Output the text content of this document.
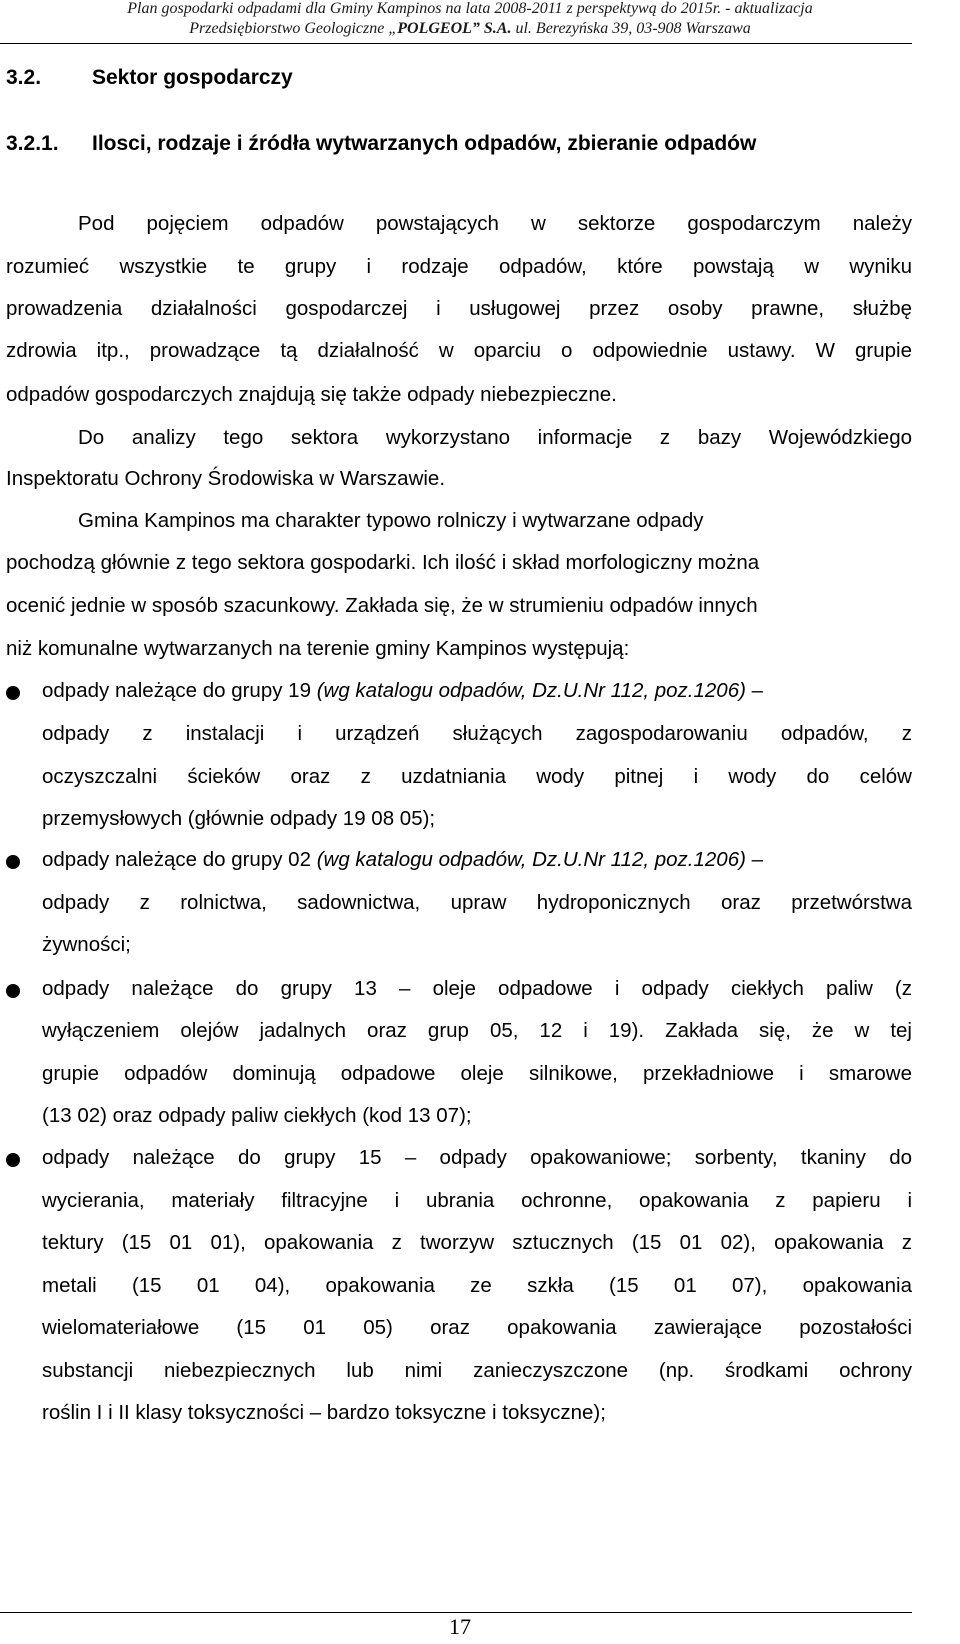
Plan gospodarki odpadami dla Gminy Kampinos na lata 2008-2011 z perspektywą do 2015r. - aktualizacja
Przedsiębiorstwo Geologiczne „POLGEOL” S.A. ul. Berezyńska 39, 03-908 Warszawa
3.2. Sektor gospodarczy
3.2.1. Ilosci, rodzaje i źródła wytwarzanych odpadów, zbieranie odpadów
Pod pojęciem odpadów powstających w sektorze gospodarczym należy
rozumieć wszystkie te grupy i rodzaje odpadów, które powstają w wyniku
prowadzenia działalności gospodarczej i usługowej przez osoby prawne, służbę
zdrowia itp., prowadzące tą działalność w oparciu o odpowiednie ustawy. W grupie
odpadów gospodarczych znajdują się także odpady niebezpieczne.
Do analizy tego sektora wykorzystano informacje z bazy Wojewódzkiego
Inspektoratu Ochrony Środowiska w Warszawie.
Gmina Kampinos ma charakter typowo rolniczy i wytwarzane odpady
pochodzą głównie z tego sektora gospodarki. Ich ilość i skład morfologiczny można
ocenić jednie w sposób szacunkowy. Zakłada się, że w strumieniu odpadów innych
niż komunalne wytwarzanych na terenie gminy Kampinos występują:
odpady należące do grupy 19 (wg katalogu odpadów, Dz.U.Nr 112, poz.1206) –
odpady z instalacji i urządzeń służących zagospodarowaniu odpadów, z
oczyszczalni ścieków oraz z uzdatniania wody pitnej i wody do celów
przemysłowych (głównie odpady 19 08 05);
odpady należące do grupy 02 (wg katalogu odpadów, Dz.U.Nr 112, poz.1206) –
odpady z rolnictwa, sadownictwa, upraw hydroponicznych oraz przetwórstwa
żywności;
odpady należące do grupy 13 – oleje odpadowe i odpady ciekłych paliw (z
wyłączeniem olejów jadalnych oraz grup 05, 12 i 19). Zakłada się, że w tej
grupie odpadów dominują odpadowe oleje silnikowe, przekładniowe i smarowe
(13 02) oraz odpady paliw ciekłych (kod 13 07);
odpady należące do grupy 15 – odpady opakowaniowe; sorbenty, tkaniny do
wycierania, materiały filtracyjne i ubrania ochronne, opakowania z papieru i
tektury (15 01 01), opakowania z tworzyw sztucznych (15 01 02), opakowania z
metali (15 01 04), opakowania ze szkła (15 01 07), opakowania
wielomateriałowe (15 01 05) oraz opakowania zawierające pozostałości
substancji niebezpiecznych lub nimi zanieczyszczone (np. środkami ochrony
roślin I i II klasy toksyczności – bardzo toksyczne i toksyczne);
17
